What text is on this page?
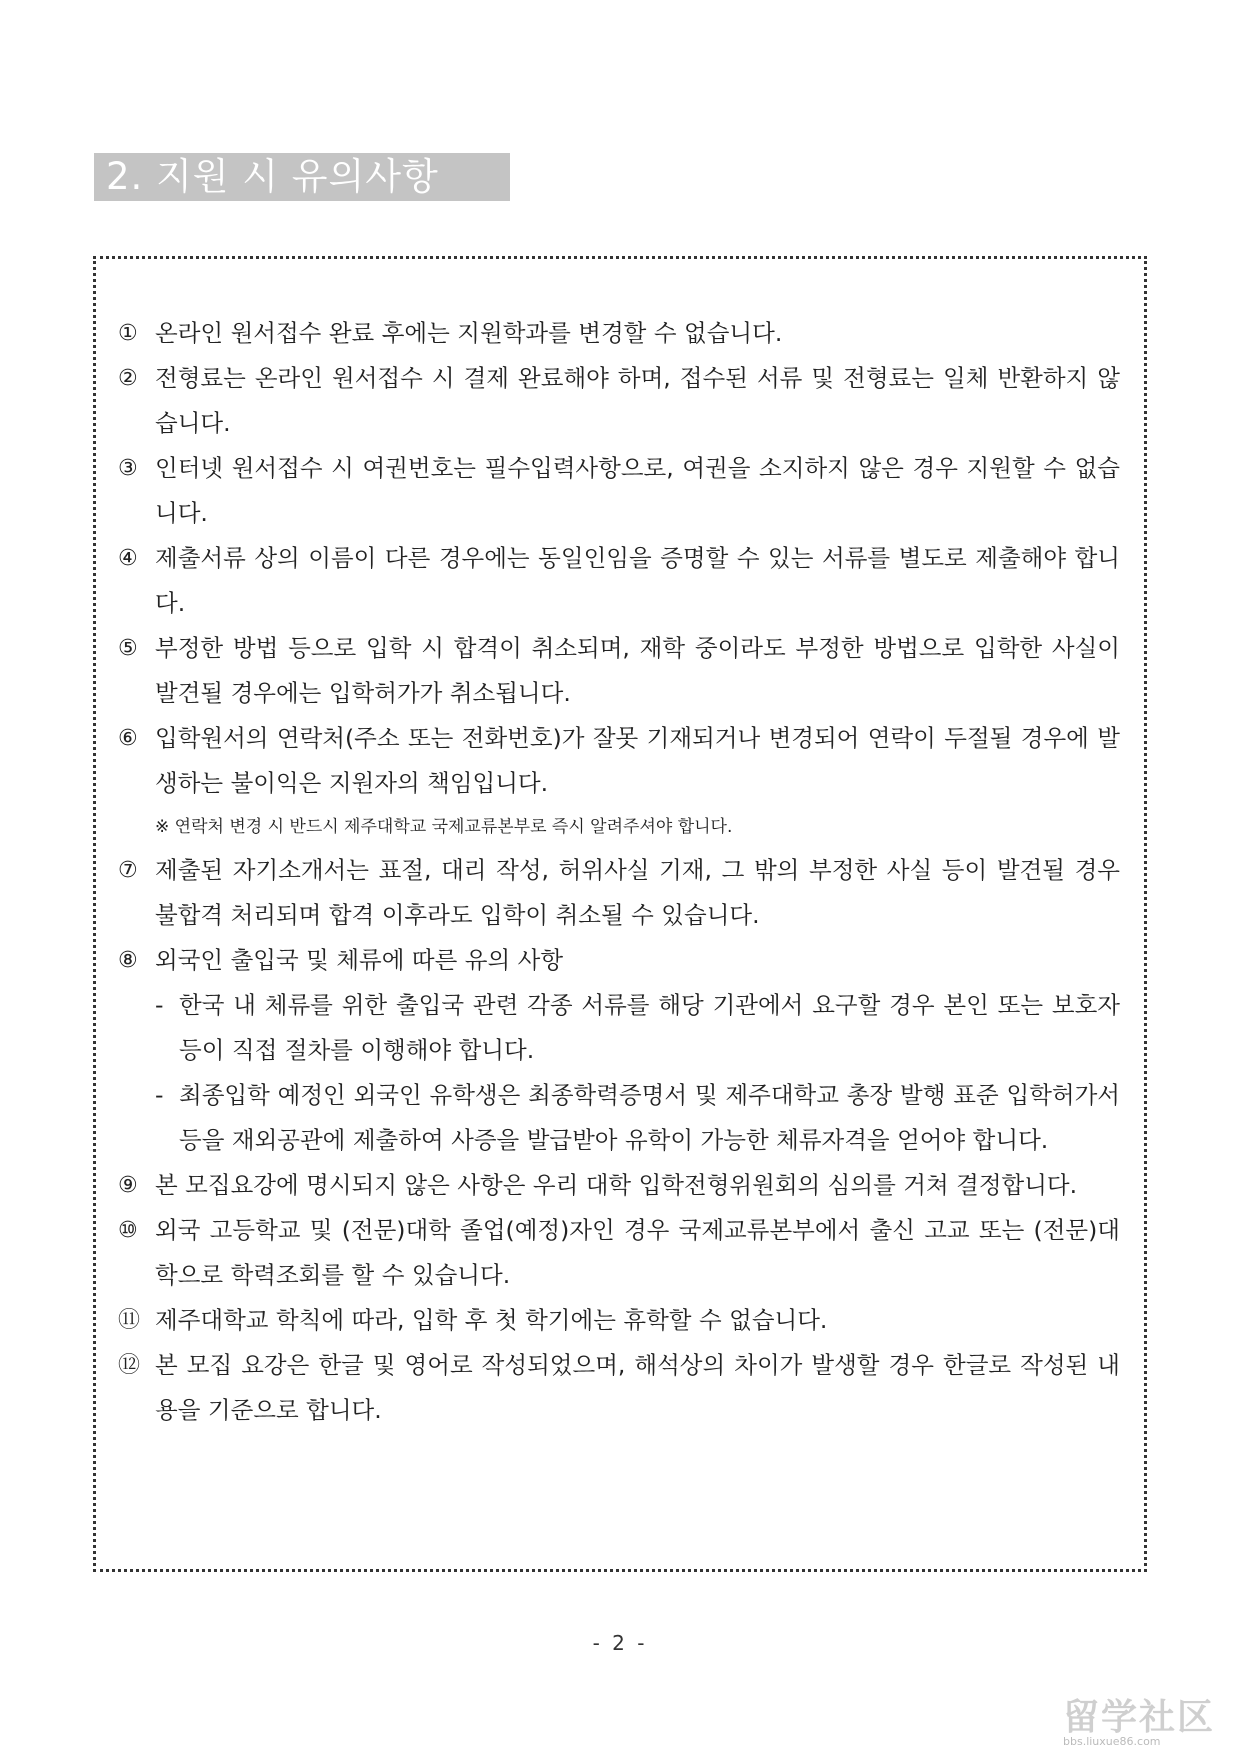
2. 지원 시 유의사항
① 온라인 원서접수 완료 후에는 지원학과를 변경할 수 없습니다.
② 전형료는 온라인 원서접수 시 결제 완료해야 하며, 접수된 서류 및 전형료는 일체 반환하지 않습니다.
③ 인터넷 원서접수 시 여권번호는 필수입력사항으로, 여권을 소지하지 않은 경우 지원할 수 없습니다.
④ 제출서류 상의 이름이 다른 경우에는 동일인임을 증명할 수 있는 서류를 별도로 제출해야 합니다.
⑤ 부정한 방법 등으로 입학 시 합격이 취소되며, 재학 중이라도 부정한 방법으로 입학한 사실이 발견될 경우에는 입학허가가 취소됩니다.
⑥ 입학원서의 연락처(주소 또는 전화번호)가 잘못 기재되거나 변경되어 연락이 두절될 경우에 발생하는 불이익은 지원자의 책임입니다.
※ 연락처 변경 시 반드시 제주대학교 국제교류본부로 즉시 알려주셔야 합니다.
⑦ 제출된 자기소개서는 표절, 대리 작성, 허위사실 기재, 그 밖의 부정한 사실 등이 발견될 경우 불합격 처리되며 합격 이후라도 입학이 취소될 수 있습니다.
⑧ 외국인 출입국 및 체류에 따른 유의 사항
- 한국 내 체류를 위한 출입국 관련 각종 서류를 해당 기관에서 요구할 경우 본인 또는 보호자 등이 직접 절차를 이행해야 합니다.
- 최종입학 예정인 외국인 유학생은 최종학력증명서 및 제주대학교 총장 발행 표준 입학허가서 등을 재외공관에 제출하여 사증을 발급받아 유학이 가능한 체류자격을 얻어야 합니다.
⑨ 본 모집요강에 명시되지 않은 사항은 우리 대학 입학전형위원회의 심의를 거쳐 결정합니다.
⑩ 외국 고등학교 및 (전문)대학 졸업(예정)자인 경우 국제교류본부에서 출신 고교 또는 (전문)대학으로 학력조회를 할 수 있습니다.
⑪ 제주대학교 학칙에 따라, 입학 후 첫 학기에는 휴학할 수 없습니다.
⑫ 본 모집 요강은 한글 및 영어로 작성되었으며, 해석상의 차이가 발생할 경우 한글로 작성된 내용을 기준으로 합니다.
- 2 -
留学社区
bbs.liuxue86.com
